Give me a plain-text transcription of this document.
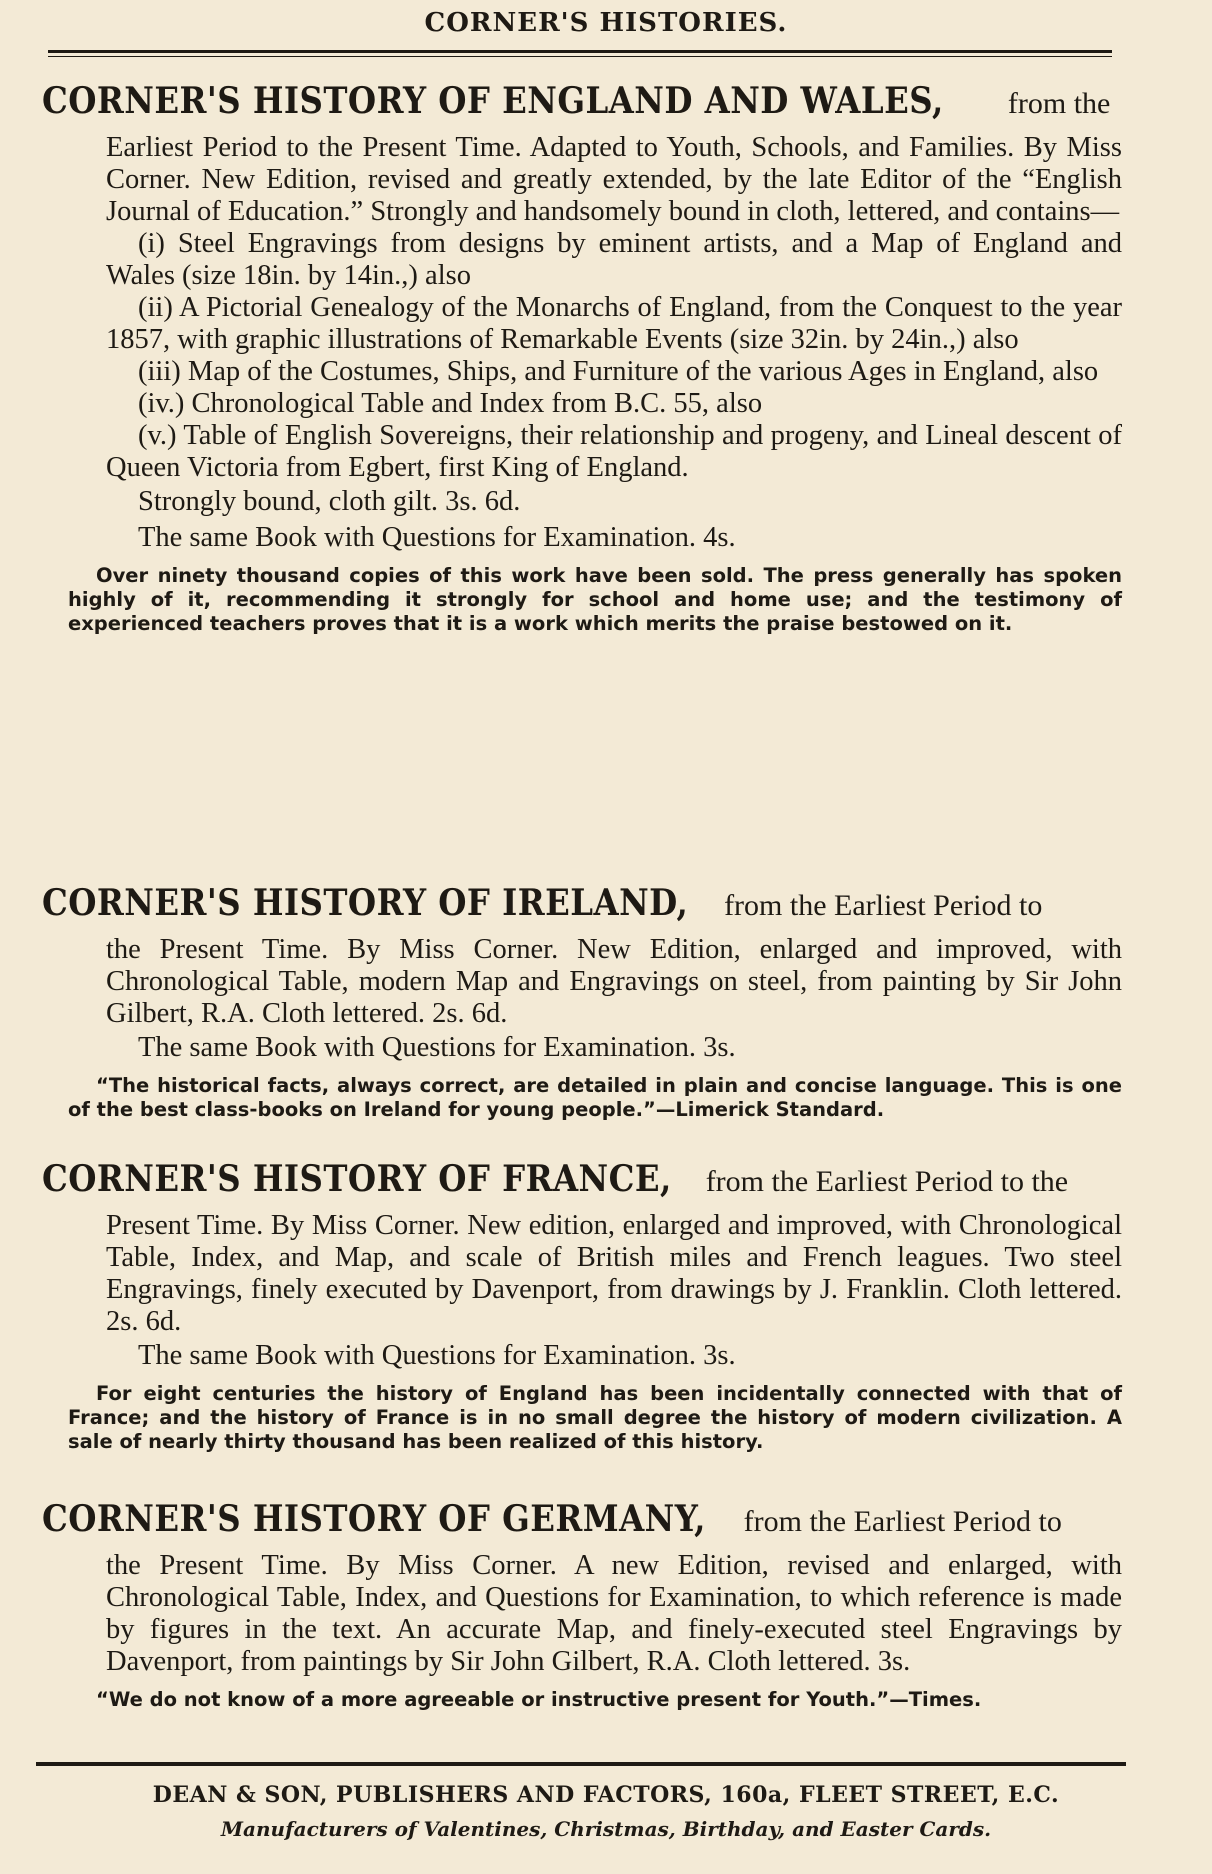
CORNER'S HISTORIES.
CORNER'S HISTORY OF ENGLAND AND WALES, from the

Earliest Period to the Present Time. Adapted to Youth, Schools, and Families. By Miss Corner. New Edition, revised and greatly extended, by the late Editor of the “English Journal of Education.” Strongly and handsomely bound in cloth, lettered, and contains—

(i) Steel Engravings from designs by eminent artists, and a Map of England and Wales (size 18in. by 14in.,) also

(ii) A Pictorial Genealogy of the Monarchs of England, from the Conquest to the year 1857, with graphic illustrations of Remarkable Events (size 32in. by 24in.,) also

(iii) Map of the Costumes, Ships, and Furniture of the various Ages in England, also

(iv.) Chronological Table and Index from B.C. 55, also

(v.) Table of English Sovereigns, their relationship and progeny, and Lineal descent of Queen Victoria from Egbert, first King of England.

Strongly bound, cloth gilt. 3s. 6d.
The same Book with Questions for Examination. 4s.
Over ninety thousand copies of this work have been sold. The press generally has spoken highly of it, recommending it strongly for school and home use; and the testimony of experienced teachers proves that it is a work which merits the praise bestowed on it.
CORNER'S HISTORY OF IRELAND, from the Earliest Period to

the Present Time. By Miss Corner. New Edition, enlarged and improved, with Chronological Table, modern Map and Engravings on steel, from painting by Sir John Gilbert, R.A. Cloth lettered. 2s. 6d.

The same Book with Questions for Examination. 3s.
“The historical facts, always correct, are detailed in plain and concise language. This is one of the best class-books on Ireland for young people.”—Limerick Standard.
CORNER'S HISTORY OF FRANCE, from the Earliest Period to the

Present Time. By Miss Corner. New edition, enlarged and improved, with Chronological Table, Index, and Map, and scale of British miles and French leagues. Two steel Engravings, finely executed by Davenport, from drawings by J. Franklin. Cloth lettered. 2s. 6d.

The same Book with Questions for Examination. 3s.
For eight centuries the history of England has been incidentally connected with that of France; and the history of France is in no small degree the history of modern civilization. A sale of nearly thirty thousand has been realized of this history.
CORNER'S HISTORY OF GERMANY, from the Earliest Period to

the Present Time. By Miss Corner. A new Edition, revised and enlarged, with Chronological Table, Index, and Questions for Examination, to which reference is made by figures in the text. An accurate Map, and finely-executed steel Engravings by Davenport, from paintings by Sir John Gilbert, R.A. Cloth lettered. 3s.

“We do not know of a more agreeable or instructive present for Youth.”—Times.
DEAN & SON, PUBLISHERS AND FACTORS, 160a, FLEET STREET, E.C.
Manufacturers of Valentines, Christmas, Birthday, and Easter Cards.
